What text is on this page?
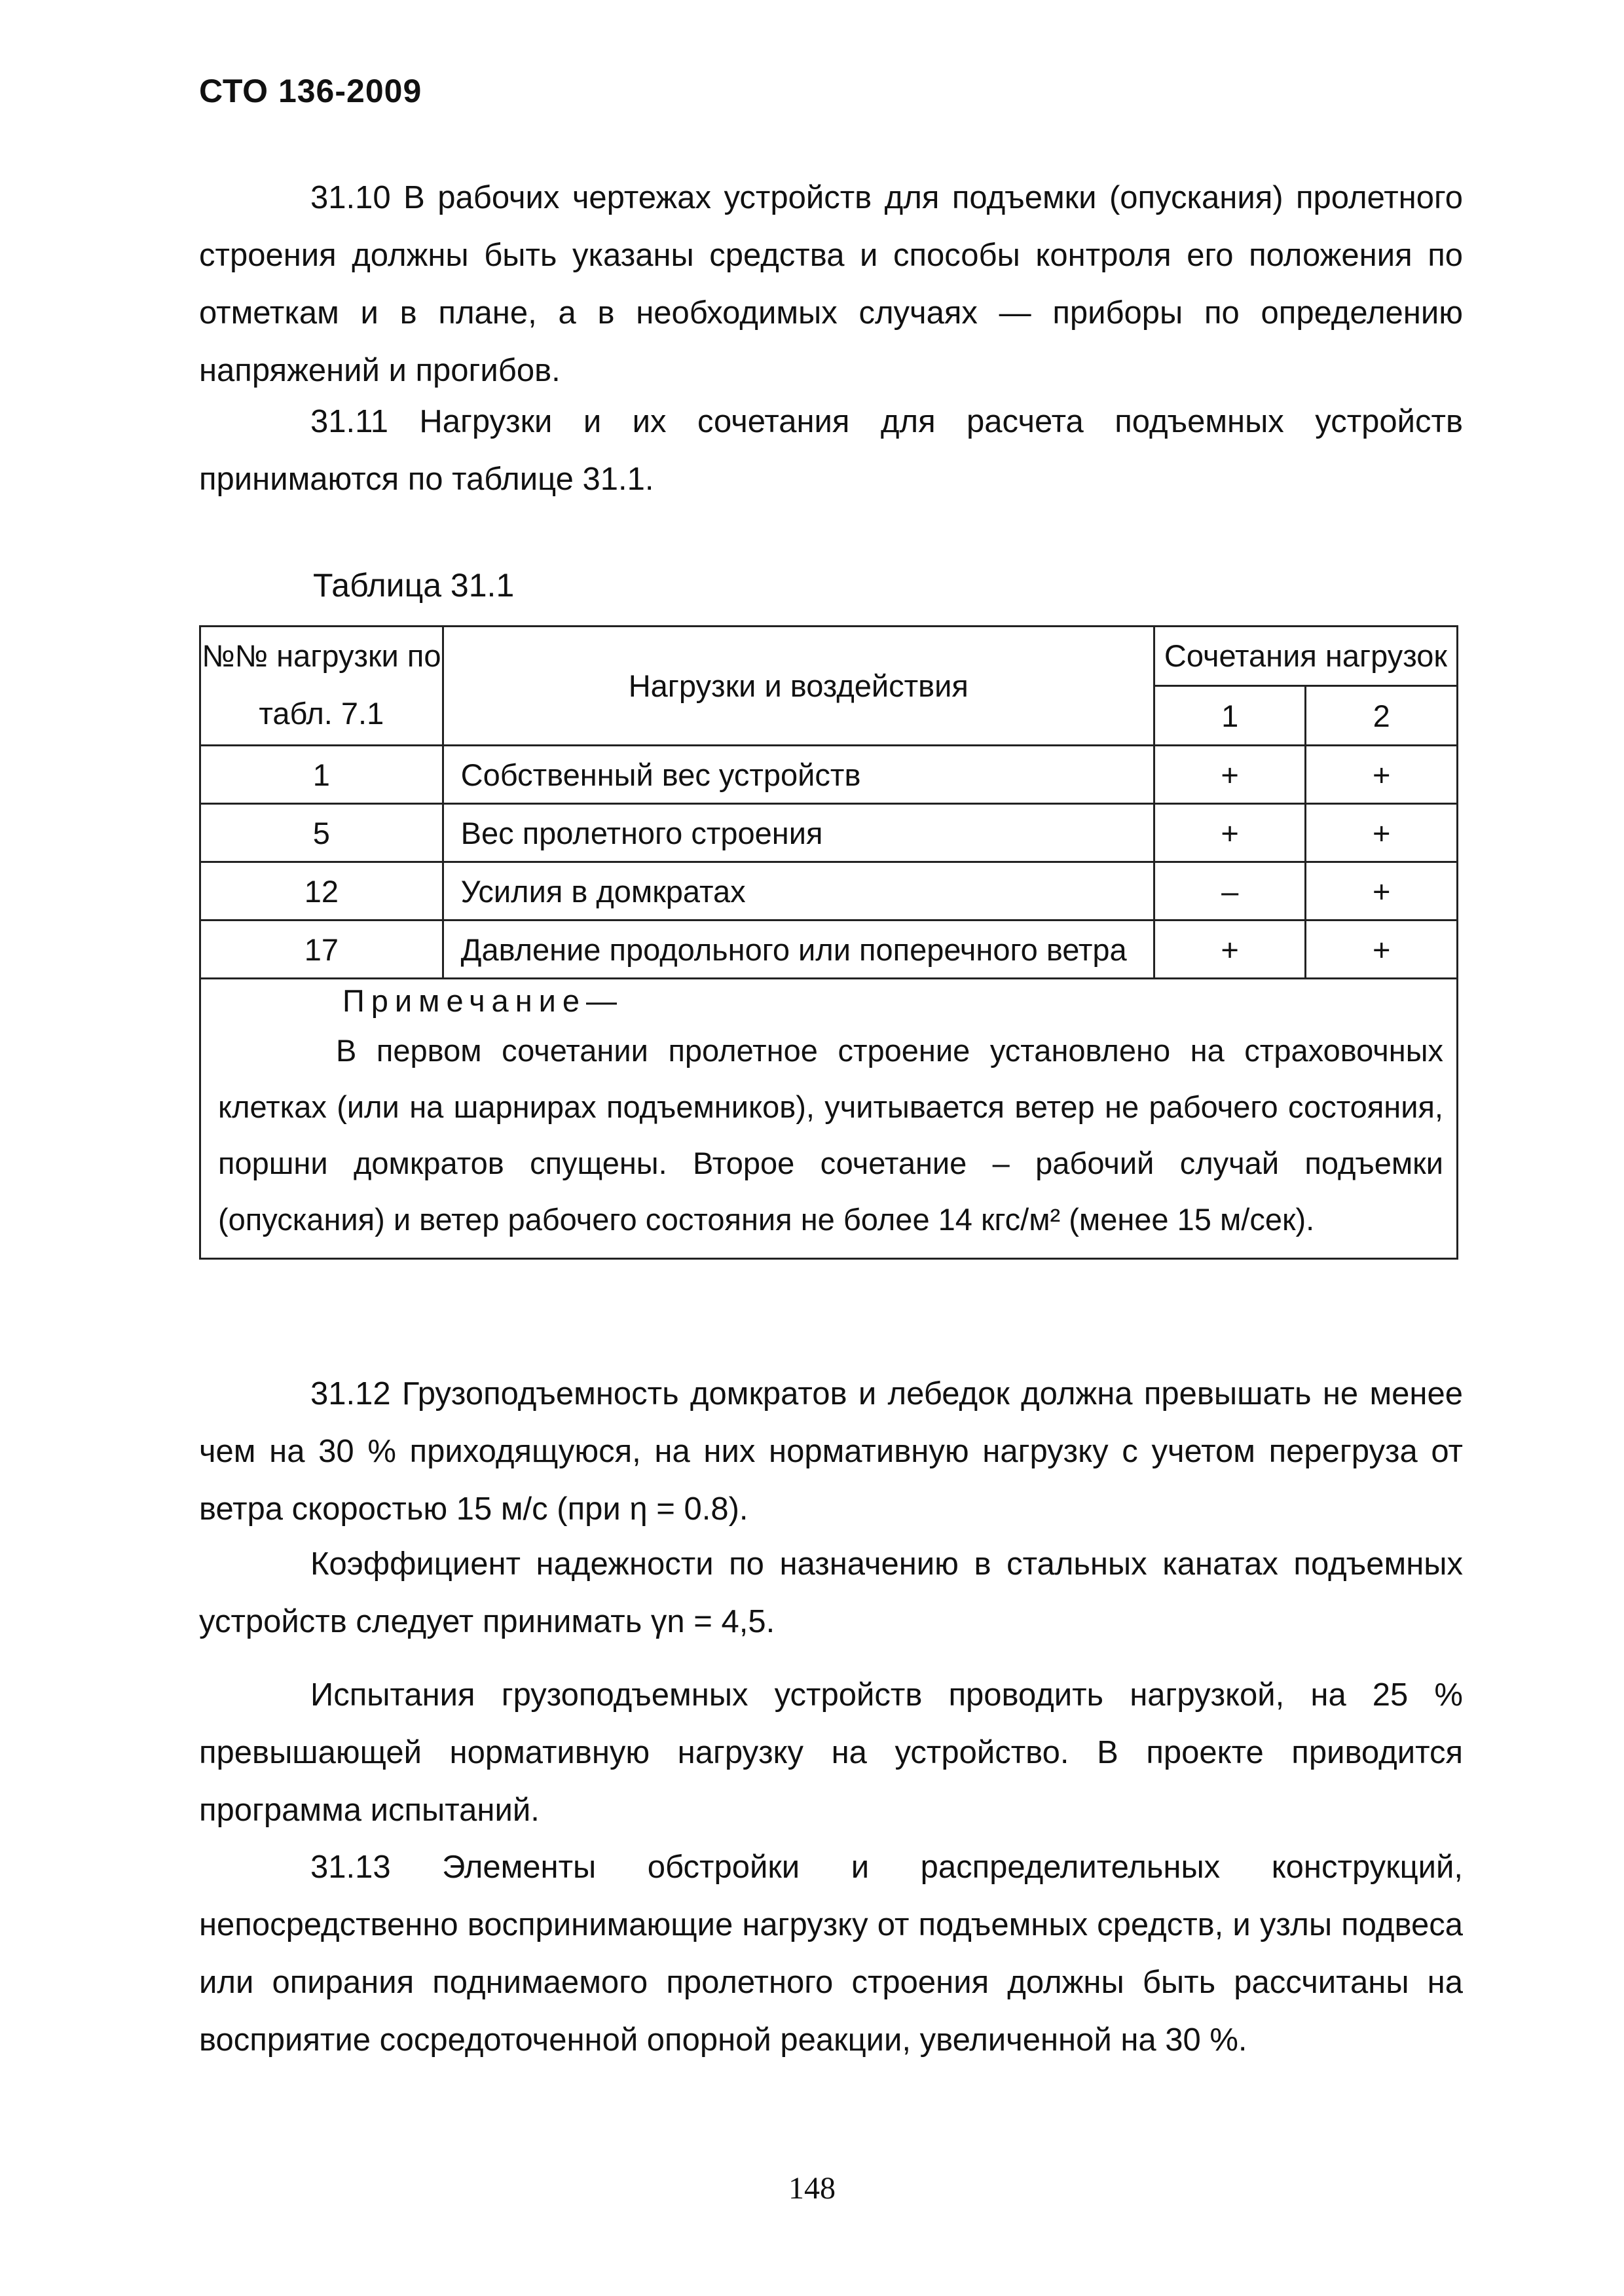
СТО 136-2009
31.10 В рабочих чертежах устройств для подъемки (опускания) пролетного строения должны быть указаны средства и способы контроля его положения по отметкам и в плане, а в необходимых случаях — приборы по определению напряжений и прогибов.
31.11 Нагрузки и их сочетания для расчета подъемных устройств принимаются по таблице 31.1.
Таблица 31.1
№№ нагрузки по табл. 7.1	Нагрузки и воздействия	Сочетания нагрузок	

		1	2
1	Собственный вес устройств	+	+
5	Вес пролетного строения	+	+
12	Усилия в домкратах	–	+
17	Давление продольного или поперечного ветра	+	+

Примечание—
В первом сочетании пролетное строение установлено на страховочных клетках (или на шарнирах подъемников), учитывается ветер не рабочего состояния, поршни домкратов спущены. Второе сочетание – рабочий случай подъемки (опускания) и ветер рабочего состояния не более 14 кгс/м² (менее 15 м/сек).			
31.12 Грузоподъемность домкратов и лебедок должна превышать не менее чем на 30 % приходящуюся, на них нормативную нагрузку с учетом перегруза от ветра скоростью 15 м/с (при η = 0.8).
Коэффициент надежности по назначению в стальных канатах подъемных устройств следует принимать γn = 4,5.
Испытания грузоподъемных устройств проводить нагрузкой, на 25 % превышающей нормативную нагрузку на устройство. В проекте приводится программа испытаний.
31.13 Элементы обстройки и распределительных конструкций, непосредственно воспринимающие нагрузку от подъемных средств, и узлы подвеса или опирания поднимаемого пролетного строения должны быть рассчитаны на восприятие сосредоточенной опорной реакции, увеличенной на 30 %.
148
